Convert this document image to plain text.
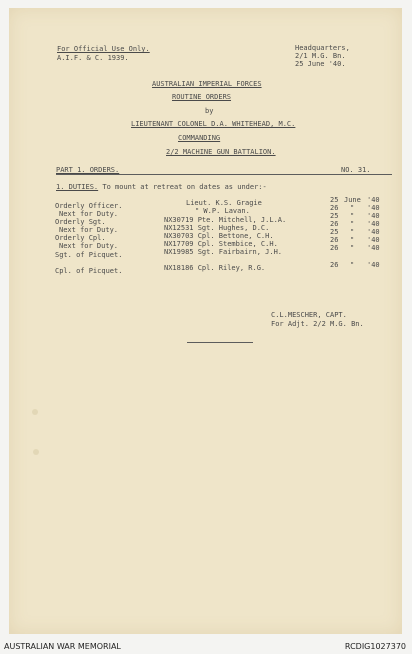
For Official Use Only.
A.I.F. & C. 1939.
Headquarters,
2/1 M.G. Bn.
25 June '40.
AUSTRALIAN IMPERIAL FORCES
ROUTINE ORDERS
by
LIEUTENANT COLONEL D.A. WHITEHEAD, M.C.
COMMANDING
2/2 MACHINE GUN BATTALION.
PART 1. ORDERS.	NO. 31.
1. DUTIES. To mount at retreat on dates as under:-
Orderly Officer.	Lieut. K.S. Gragie	25 June '40
Next for Duty.	" W.P. Lavan.	26 " '40
Orderly Sgt.	NX30719 Pte. Mitchell, J.L.A.	25 " '40
Next for Duty.	NX12531 Sgt. Hughes, D.C.	26 " '40
Orderly Cpl.	NX30703 Cpl. Bettone, C.H.	25 " '40
Next for Duty.	NX17709 Cpl. Stembice, C.H.	26 " '40
Sgt. of Picquet.	NX19985 Sgt. Fairbairn, J.H.	26 " '40
Cpl. of Picquet.	NX18186 Cpl. Riley, R.G.	26 " '40
C.L.MESCHER, CAPT.
For Adjt. 2/2 M.G. Bn.
AUSTRALIAN WAR MEMORIAL	RCDIG1027370
